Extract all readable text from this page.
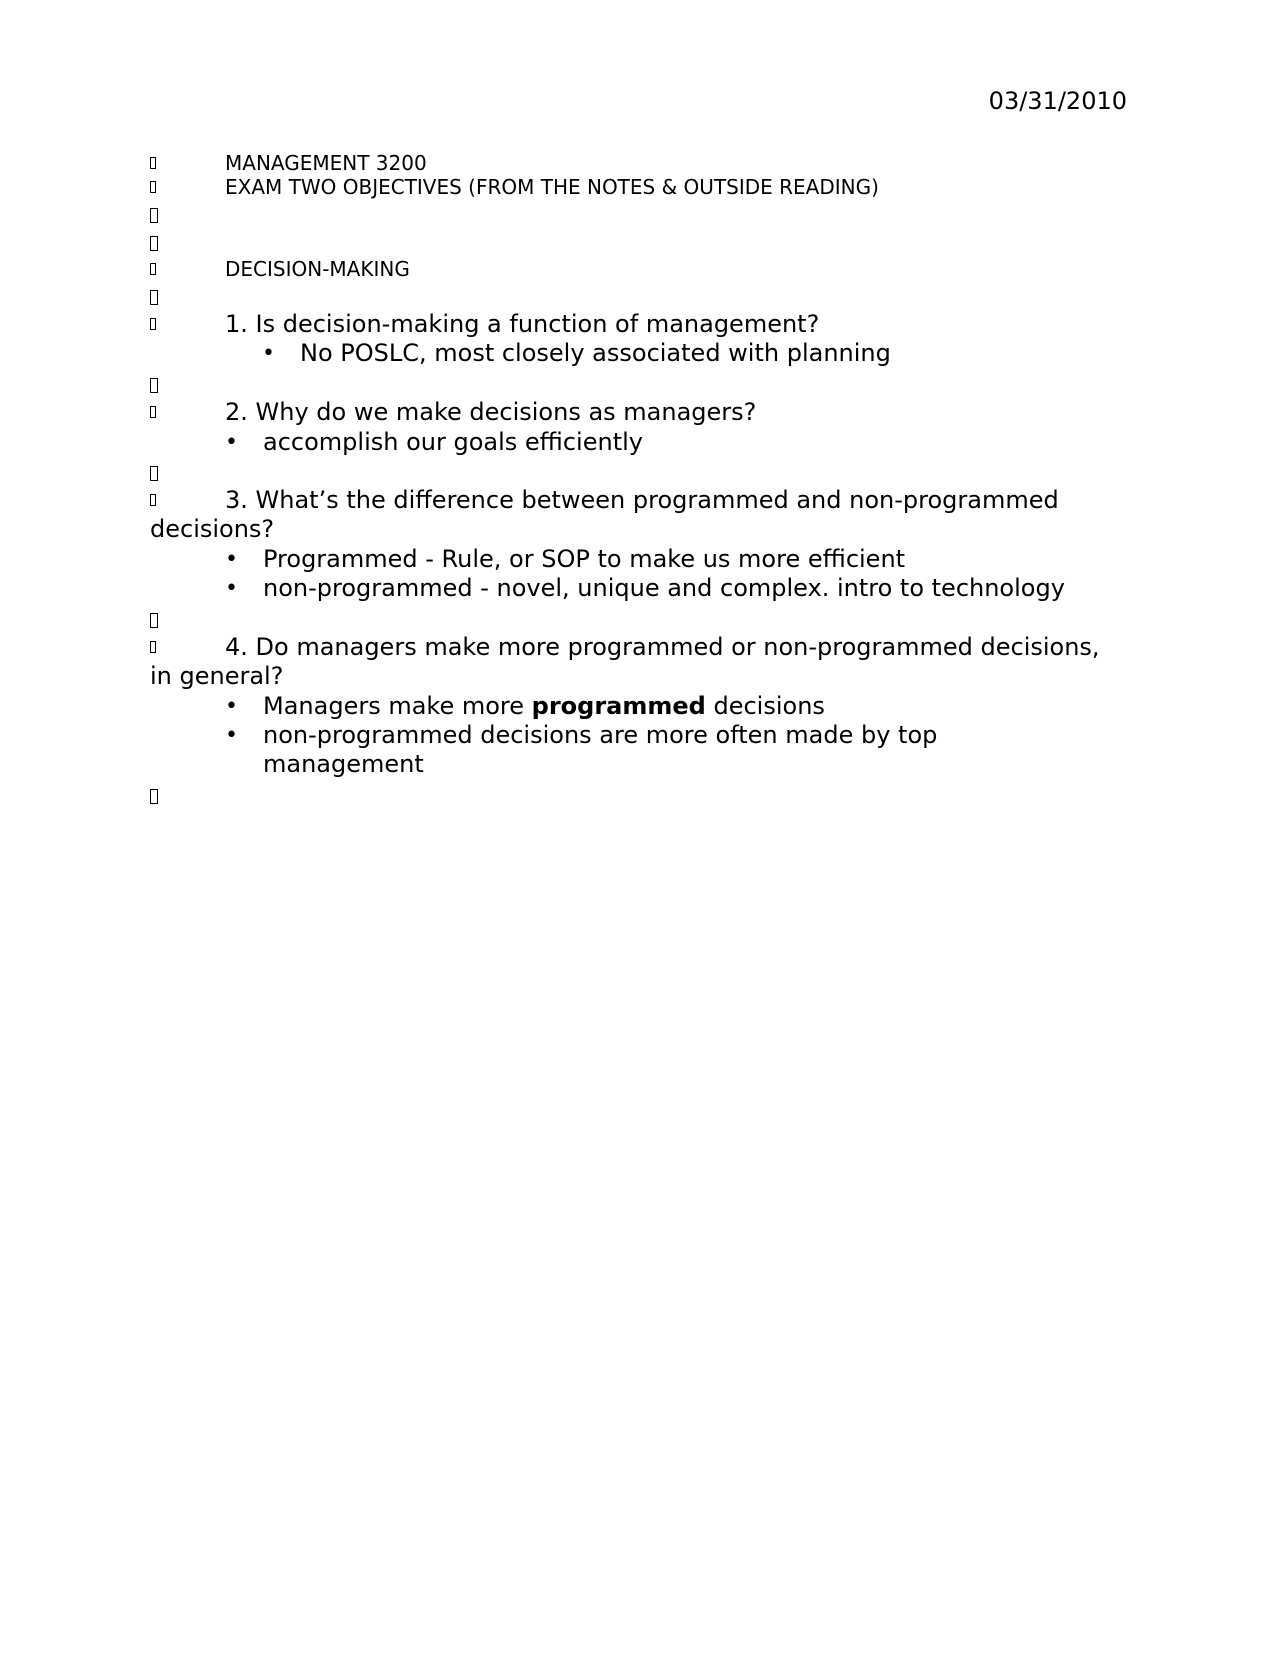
03/31/2010
MANAGEMENT 3200
EXAM TWO OBJECTIVES (FROM THE NOTES & OUTSIDE READING)
DECISION-MAKING

1. Is decision-making a function of management?

• No POSLC, most closely associated with planning

2. Why do we make decisions as managers?

• accomplish our goals efficiently

3. What’s the difference between programmed and non-programmed decisions?

• Programmed - Rule, or SOP to make us more efficient
• non-programmed - novel, unique and complex. intro to technology

4. Do managers make more programmed or non-programmed decisions, in general?

• Managers make more programmed decisions
• non-programmed decisions are more often made by top management
